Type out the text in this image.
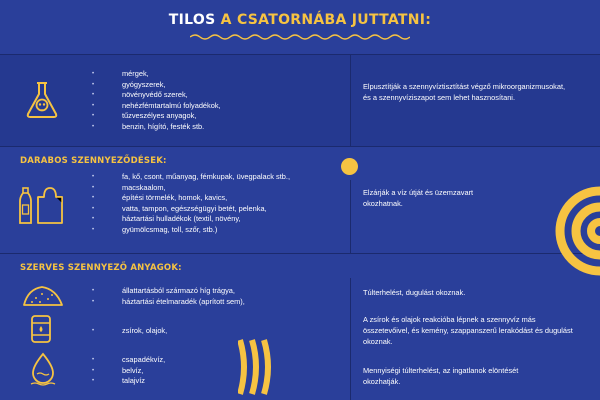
TILOS A CSATORNÁBA JUTTATNI:
• mérgek,
• gyógyszerek,
• növényvédő szerek,
• nehézfémtartalmú folyadékok,
• tűzveszélyes anyagok,
• benzin, hígító, festék stb.
Elpusztítják a szennyvíztisztítást végző mikroorganizmusokat, és a szennyvíziszapot sem lehet hasznosítani.
DARABOS SZENNYEZŐDÉSEK:
• fa, kő, csont, műanyag, fémkupak, üvegpalack stb.,
• macskaalom,
• építési törmelék, homok, kavics,
• vatta, tampon, egészségügyi betét, pelenka,
• háztartási hulladékok (textil, növény,
• gyümölcsmag, toll, szőr, stb.)
Elzárják a víz útját és üzemzavart okozhatnak.
SZERVES SZENNYEZŐ ANYAGOK:
• állattartásból származó híg trágya,
• háztartási ételmaradék (aprított sem),
Túlterhelést, dugulást okoznak.
• zsírok, olajok,
A zsírok és olajok reakcióba lépnek a szennyvíz más összetevőivel, és kemény, szappanszerű lerakódást és dugulást okoznak.
• csapadékvíz,
• belvíz,
• talajvíz
Mennyiségi túlterhelést, az ingatlanok elöntését okozhatják.
